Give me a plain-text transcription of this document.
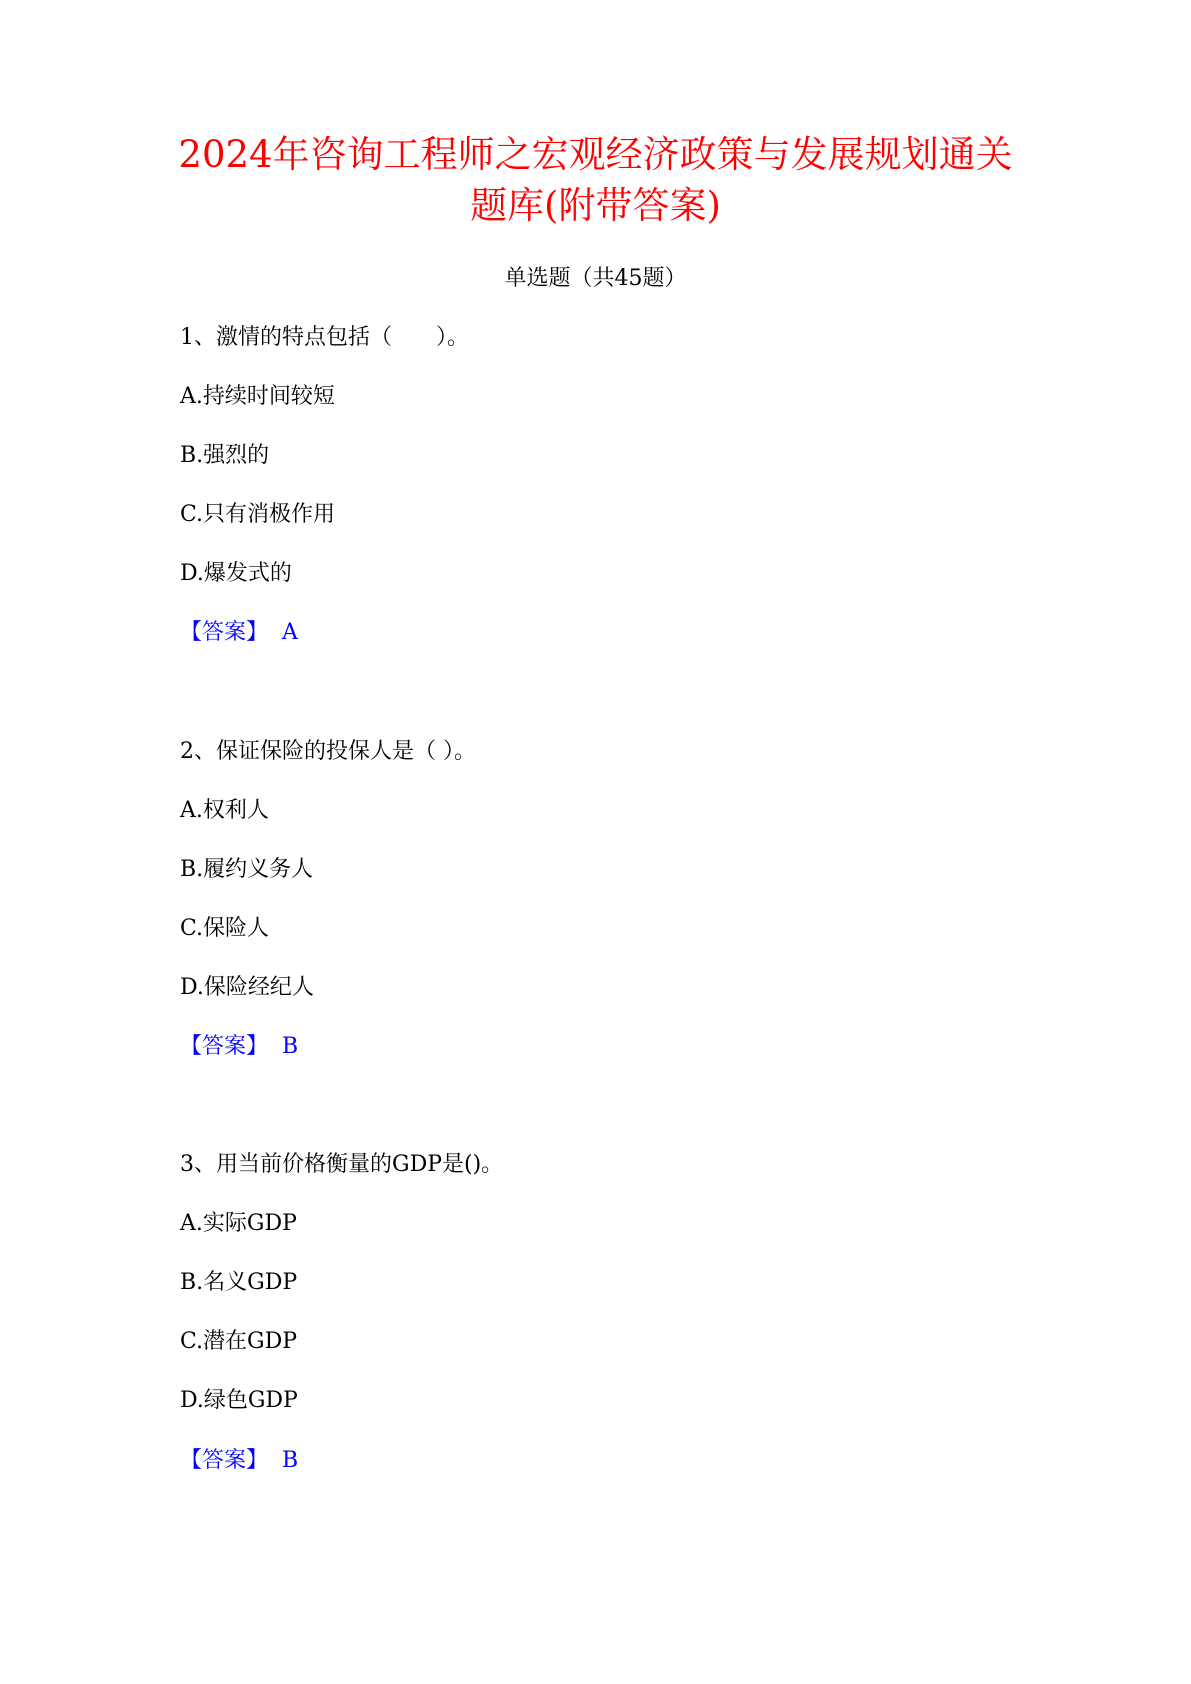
2024年咨询工程师之宏观经济政策与发展规划通关
题库(附带答案)
单选题（共45题）
1、激情的特点包括（　　）。
A.持续时间较短
B.强烈的
C.只有消极作用
D.爆发式的
【答案】 A
2、保证保险的投保人是（ ）。
A.权利人
B.履约义务人
C.保险人
D.保险经纪人
【答案】 B
3、用当前价格衡量的GDP是()。
A.实际GDP
B.名义GDP
C.潜在GDP
D.绿色GDP
【答案】 B
